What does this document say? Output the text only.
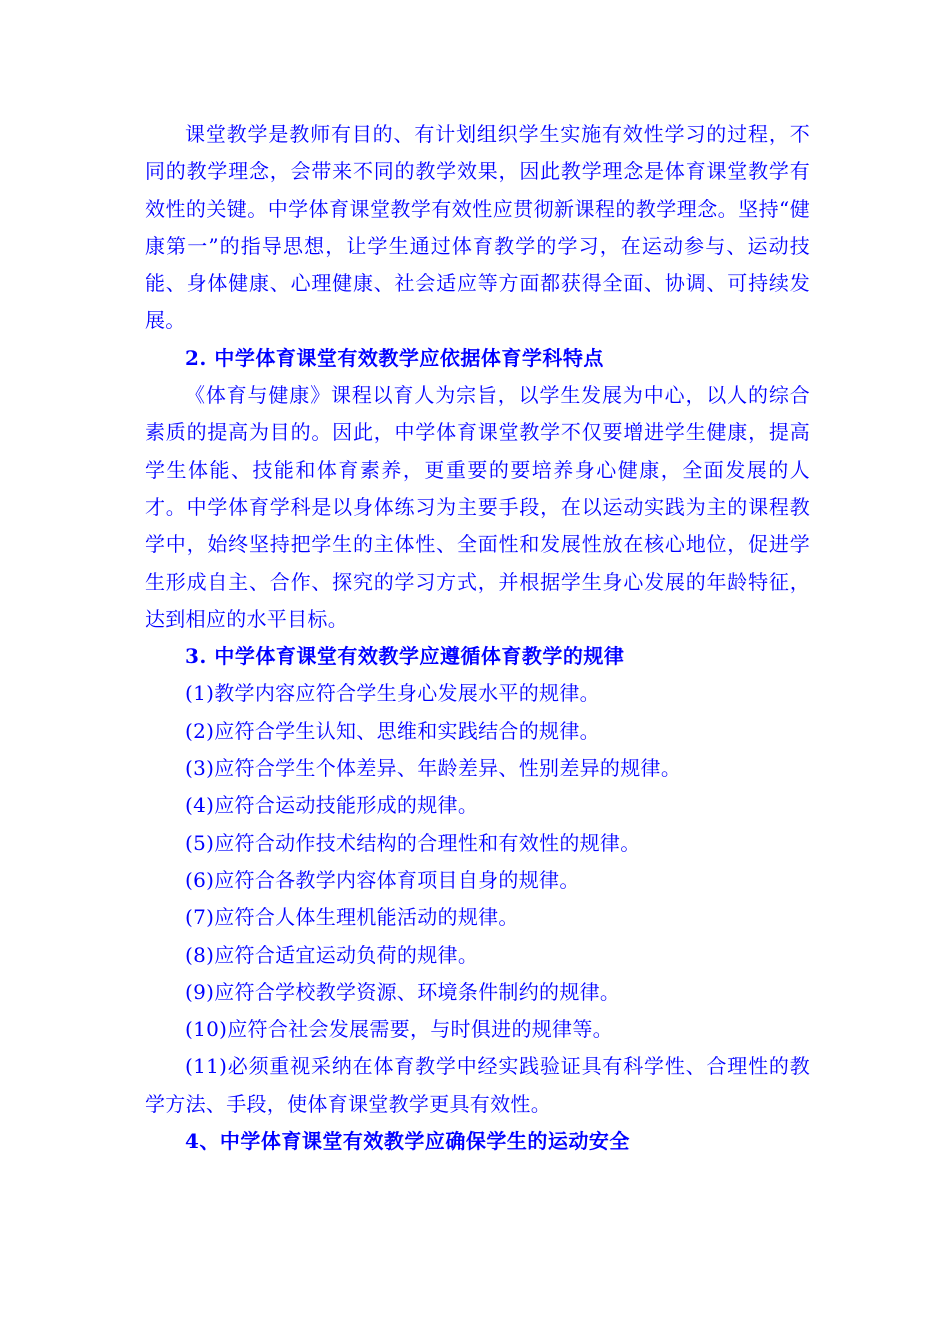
课堂教学是教师有目的、有计划组织学生实施有效性学习的过程，不同的教学理念，会带来不同的教学效果，因此教学理念是体育课堂教学有效性的关键。中学体育课堂教学有效性应贯彻新课程的教学理念。坚持“健康第一”的指导思想，让学生通过体育教学的学习，在运动参与、运动技能、身体健康、心理健康、社会适应等方面都获得全面、协调、可持续发展。

2. 中学体育课堂有效教学应依据体育学科特点

《体育与健康》课程以育人为宗旨，以学生发展为中心，以人的综合素质的提高为目的。因此，中学体育课堂教学不仅要增进学生健康，提高学生体能、技能和体育素养，更重要的要培养身心健康，全面发展的人才。中学体育学科是以身体练习为主要手段，在以运动实践为主的课程教学中，始终坚持把学生的主体性、全面性和发展性放在核心地位，促进学生形成自主、合作、探究的学习方式，并根据学生身心发展的年龄特征，达到相应的水平目标。

3. 中学体育课堂有效教学应遵循体育教学的规律

(1)教学内容应符合学生身心发展水平的规律。

(2)应符合学生认知、思维和实践结合的规律。

(3)应符合学生个体差异、年龄差异、性别差异的规律。

(4)应符合运动技能形成的规律。

(5)应符合动作技术结构的合理性和有效性的规律。

(6)应符合各教学内容体育项目自身的规律。

(7)应符合人体生理机能活动的规律。

(8)应符合适宜运动负荷的规律。

(9)应符合学校教学资源、环境条件制约的规律。

(10)应符合社会发展需要，与时俱进的规律等。

(11)必须重视采纳在体育教学中经实践验证具有科学性、合理性的教学方法、手段，使体育课堂教学更具有效性。

4、中学体育课堂有效教学应确保学生的运动安全
